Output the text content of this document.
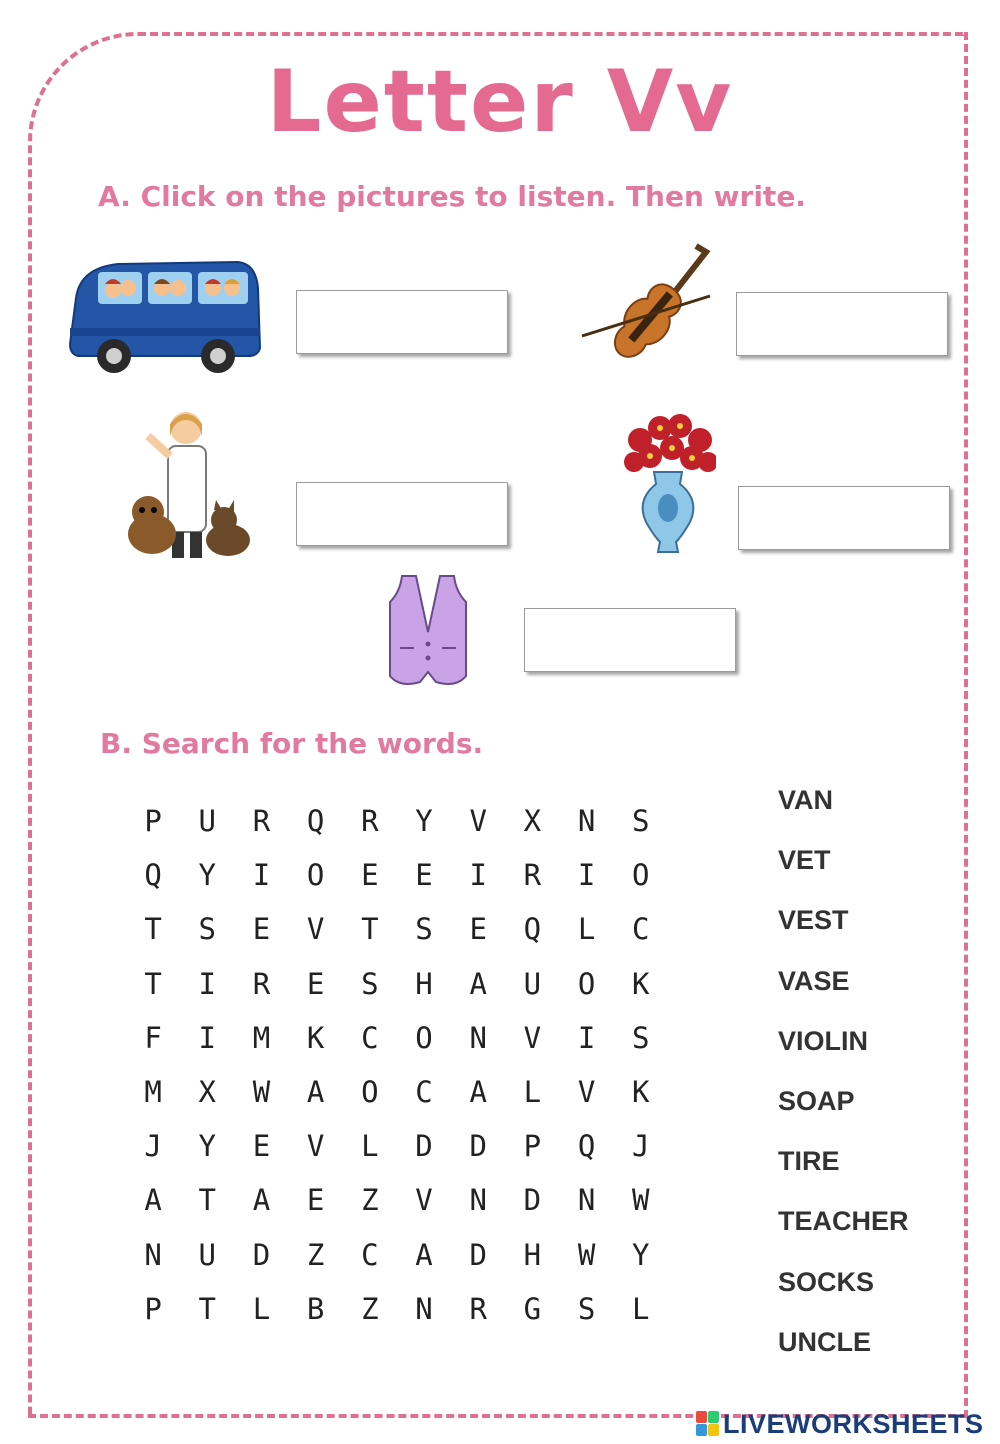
Letter Vv
A. Click on the pictures to listen. Then write.
B. Search for the words.
P	U	R	Q	R	Y	V	X	N	S
Q	Y	I	O	E	E	I	R	I	O
T	S	E	V	T	S	E	Q	L	C
T	I	R	E	S	H	A	U	O	K
F	I	M	K	C	O	N	V	I	S
M	X	W	A	O	C	A	L	V	K
J	Y	E	V	L	D	D	P	Q	J
A	T	A	E	Z	V	N	D	N	W
N	U	D	Z	C	A	D	H	W	Y
P	T	L	B	Z	N	R	G	S	L
VAN
VET
VEST
VASE
VIOLIN
SOAP
TIRE
TEACHER
SOCKS
UNCLE
LIVEWORKSHEETS
